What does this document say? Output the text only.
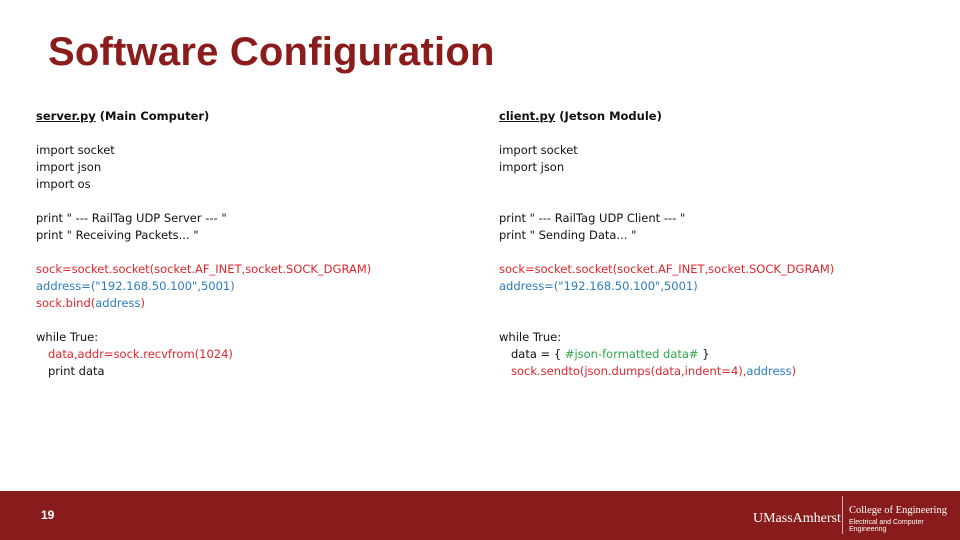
Software Configuration
server.py (Main Computer)
import socket
import json
import os
print " --- RailTag UDP Server --- "
print " Receiving Packets... "
sock=socket.socket(socket.AF_INET,socket.SOCK_DGRAM)
address=("192.168.50.100",5001)
sock.bind(address)
while True:
data,addr=sock.recvfrom(1024)
print data
client.py (Jetson Module)
import socket
import json
print " --- RailTag UDP Client --- "
print " Sending Data... "
sock=socket.socket(socket.AF_INET,socket.SOCK_DGRAM)
address=("192.168.50.100",5001)
while True:
data = { #json-formatted data# }
sock.sendto(json.dumps(data,indent=4),address)
19	UMassAmherst
College of Engineering
Electrical and Computer Engineering
